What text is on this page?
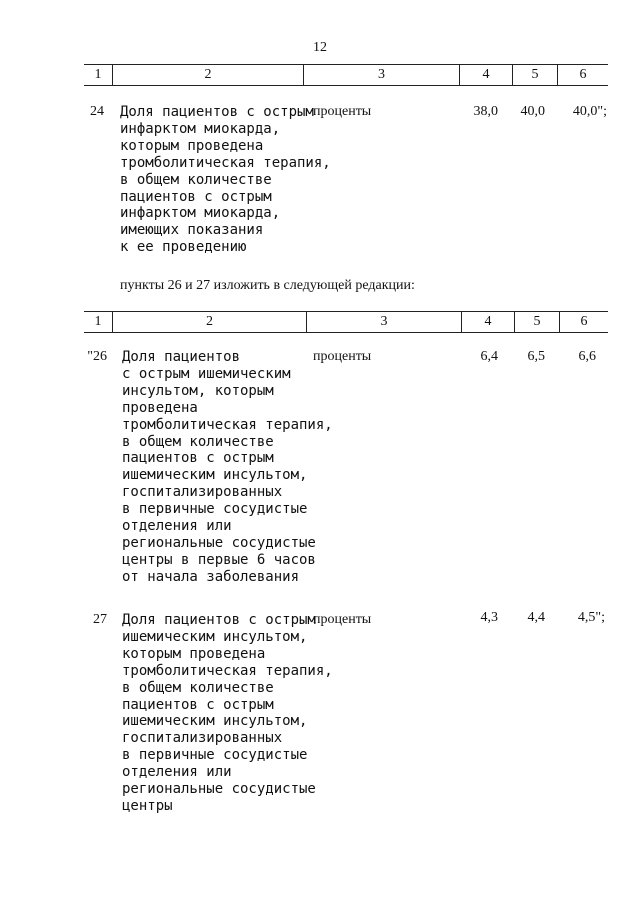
12
1	2	3	4	5	6
24 Доля пациентов с острым
инфарктом миокарда,
которым проведена
тромболитическая терапия,
в общем количестве
пациентов с острым
инфарктом миокарда,
имеющих показания
к ее проведению
проценты	38,0	40,0	40,0";
пункты 26 и 27 изложить в следующей редакции:
1	2	3	4	5	6
"26 Доля пациентов
с острым ишемическим
инсультом, которым
проведена
тромболитическая терапия,
в общем количестве
пациентов с острым
ишемическим инсультом,
госпитализированных
в первичные сосудистые
отделения или
региональные сосудистые
центры в первые 6 часов
от начала заболевания
проценты	6,4	6,5	6,6
27 Доля пациентов с острым
ишемическим инсультом,
которым проведена
тромболитическая терапия,
в общем количестве
пациентов с острым
ишемическим инсультом,
госпитализированных
в первичные сосудистые
отделения или
региональные сосудистые
центры
проценты	4,3	4,4	4,5";
